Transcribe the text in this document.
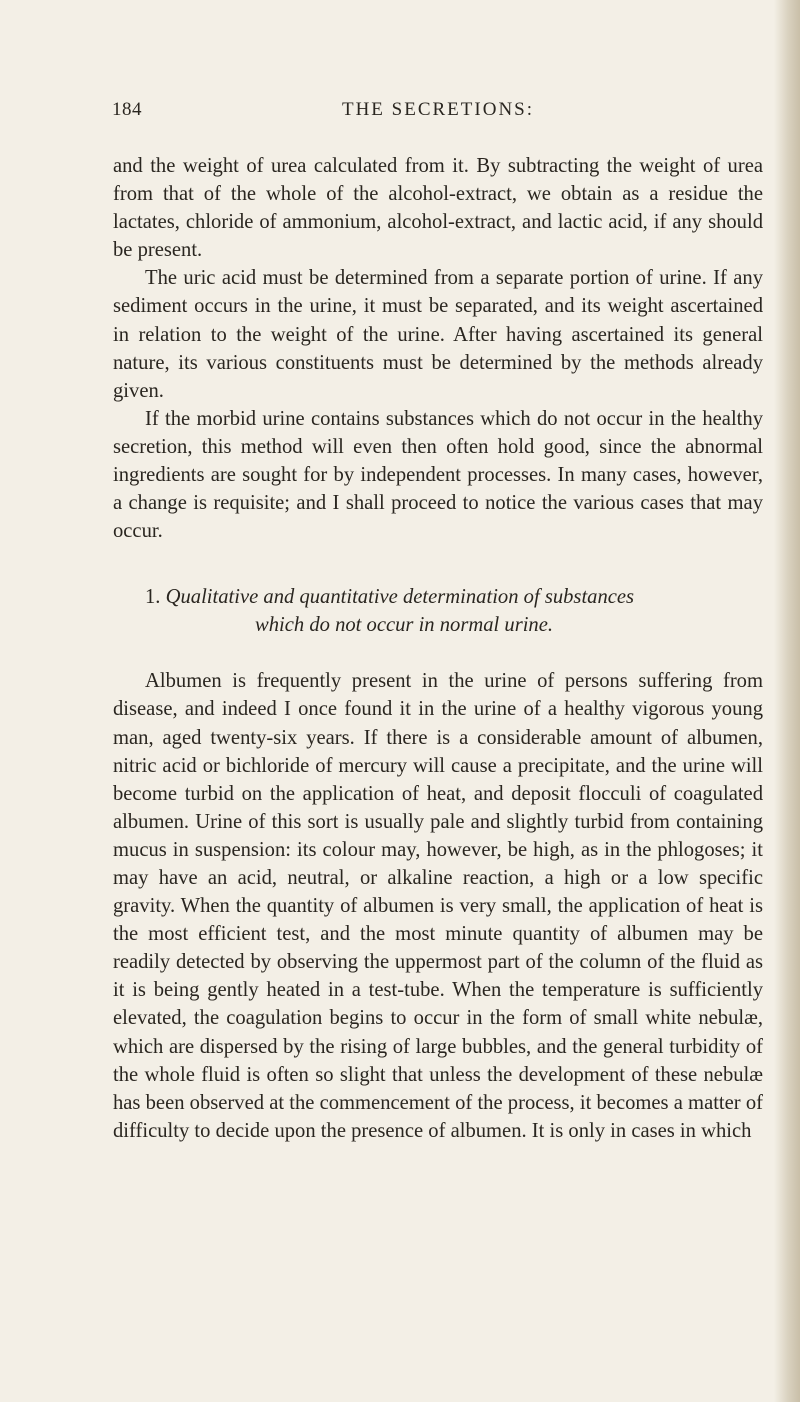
184	THE SECRETIONS:

and the weight of urea calculated from it. By subtracting the weight of urea from that of the whole of the alcohol-extract, we obtain as a residue the lactates, chloride of ammonium, alcohol-extract, and lactic acid, if any should be present.

The uric acid must be determined from a separate portion of urine. If any sediment occurs in the urine, it must be separated, and its weight ascertained in relation to the weight of the urine. After having ascertained its general nature, its various constituents must be determined by the methods already given.

If the morbid urine contains substances which do not occur in the healthy secretion, this method will even then often hold good, since the abnormal ingredients are sought for by independent processes. In many cases, however, a change is requisite; and I shall proceed to notice the various cases that may occur.

1. Qualitative and quantitative determination of substances
which do not occur in normal urine.

Albumen is frequently present in the urine of persons suffering from disease, and indeed I once found it in the urine of a healthy vigorous young man, aged twenty-six years. If there is a considerable amount of albumen, nitric acid or bichloride of mercury will cause a precipitate, and the urine will become turbid on the application of heat, and deposit flocculi of coagulated albumen. Urine of this sort is usually pale and slightly turbid from containing mucus in suspension: its colour may, however, be high, as in the phlogoses; it may have an acid, neutral, or alkaline reaction, a high or a low specific gravity. When the quantity of albumen is very small, the application of heat is the most efficient test, and the most minute quantity of albumen may be readily detected by observing the uppermost part of the column of the fluid as it is being gently heated in a test-tube. When the temperature is sufficiently elevated, the coagulation begins to occur in the form of small white nebulæ, which are dispersed by the rising of large bubbles, and the general turbidity of the whole fluid is often so slight that unless the development of these nebulæ has been observed at the commencement of the process, it becomes a matter of difficulty to decide upon the presence of albumen. It is only in cases in which
